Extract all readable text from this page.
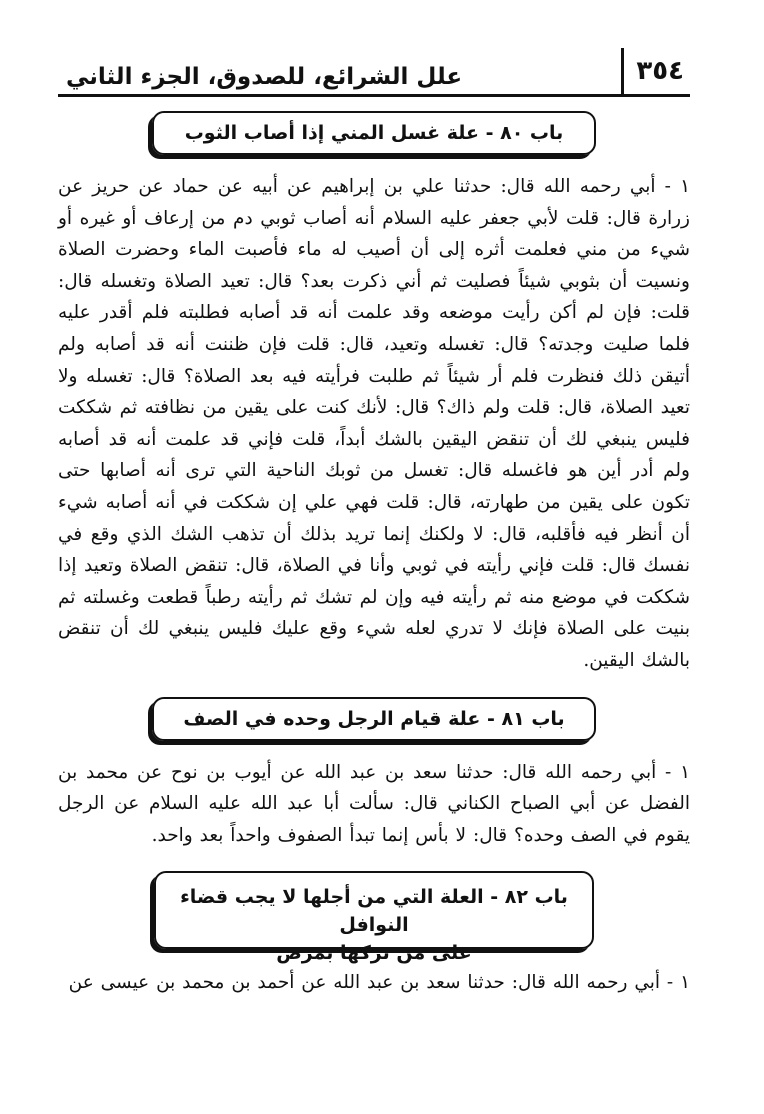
٣٥٤
علل الشرائع، للصدوق، الجزء الثاني
باب ٨٠ - علة غسل المني إذا أصاب الثوب
١ - أبي رحمه الله قال: حدثنا علي بن إبراهيم عن أبيه عن حماد عن حريز عن زرارة قال: قلت لأبي جعفر عليه السلام أنه أصاب ثوبي دم من إرعاف أو غيره أو شيء من مني فعلمت أثره إلى أن أصيب له ماء فأصبت الماء وحضرت الصلاة ونسيت أن بثوبي شيئاً فصليت ثم أني ذكرت بعد؟ قال: تعيد الصلاة وتغسله قال: قلت: فإن لم أكن رأيت موضعه وقد علمت أنه قد أصابه فطلبته فلم أقدر عليه فلما صليت وجدته؟ قال: تغسله وتعيد، قال: قلت فإن ظننت أنه قد أصابه ولم أتيقن ذلك فنظرت فلم أر شيئاً ثم طلبت فرأيته فيه بعد الصلاة؟ قال: تغسله ولا تعيد الصلاة، قال: قلت ولم ذاك؟ قال: لأنك كنت على يقين من نظافته ثم شككت فليس ينبغي لك أن تنقض اليقين بالشك أبداً، قلت فإني قد علمت أنه قد أصابه ولم أدر أين هو فاغسله قال: تغسل من ثوبك الناحية التي ترى أنه أصابها حتى تكون على يقين من طهارته، قال: قلت فهي علي إن شككت في أنه أصابه شيء أن أنظر فيه فأقلبه، قال: لا ولكنك إنما تريد بذلك أن تذهب الشك الذي وقع في نفسك قال: قلت فإني رأيته في ثوبي وأنا في الصلاة، قال: تنقض الصلاة وتعيد إذا شككت في موضع منه ثم رأيته فيه وإن لم تشك ثم رأيته رطباً قطعت وغسلته ثم بنيت على الصلاة فإنك لا تدري لعله شيء وقع عليك فليس ينبغي لك أن تنقض بالشك اليقين.
باب ٨١ - علة قيام الرجل وحده في الصف
١ - أبي رحمه الله قال: حدثنا سعد بن عبد الله عن أيوب بن نوح عن محمد بن الفضل عن أبي الصباح الكناني قال: سألت أبا عبد الله عليه السلام عن الرجل يقوم في الصف وحده؟ قال: لا بأس إنما تبدأ الصفوف واحداً بعد واحد.
باب ٨٢ - العلة التي من أجلها لا يجب قضاء النوافل
على من تركها بمرض
١ - أبي رحمه الله قال: حدثنا سعد بن عبد الله عن أحمد بن محمد بن عيسى عن
